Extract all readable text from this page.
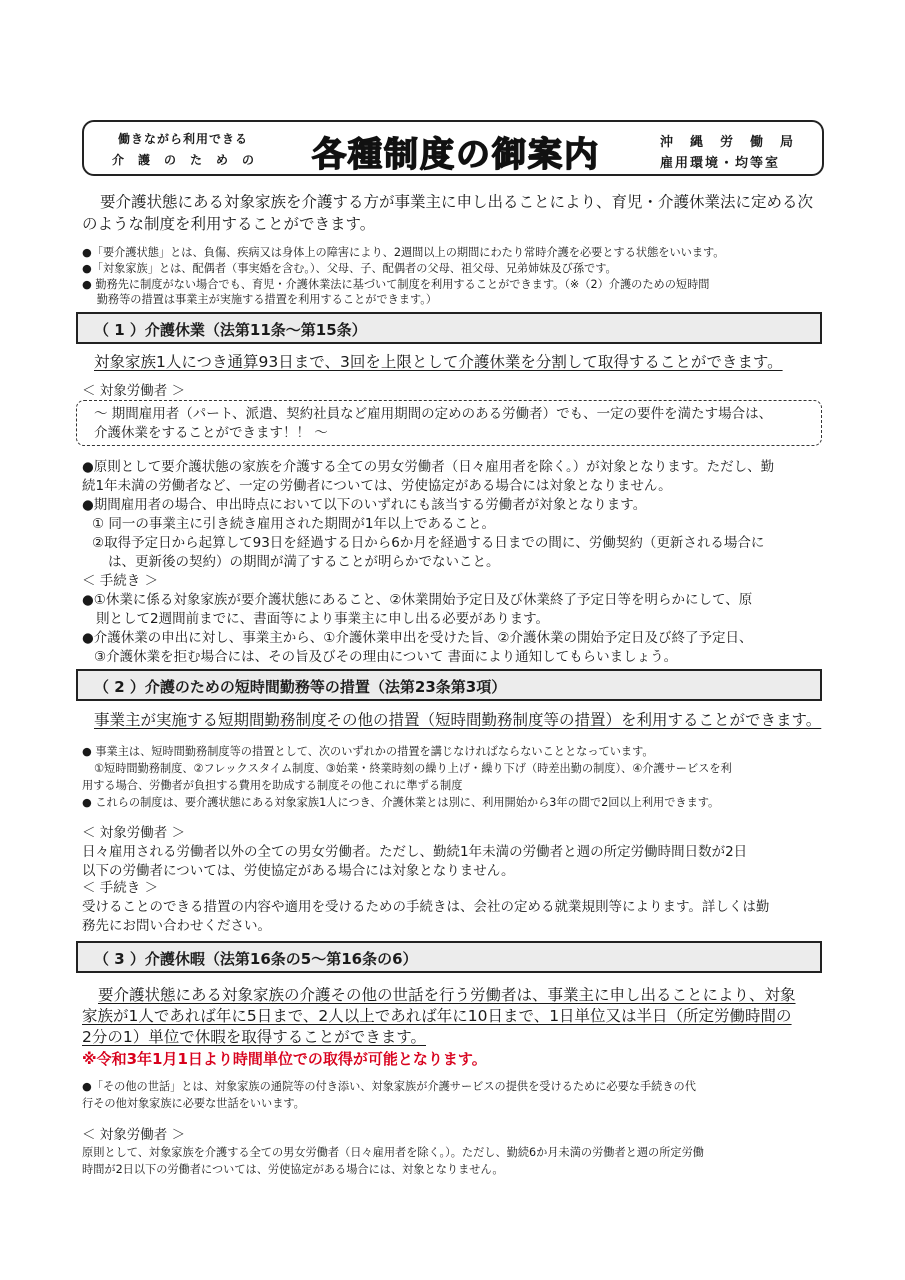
働きながら利用できる
介　護　の　た　め　の 各種制度の御案内	沖　縄　労　働　局
雇用環境・均等室
要介護状態にある対象家族を介護する方が事業主に申し出ることにより、育児・介護休業法に定める次
のような制度を利用することができます。
●「要介護状態」とは、負傷、疾病又は身体上の障害により、2週間以上の期間にわたり常時介護を必要とする状態をいいます。
●「対象家族」とは、配偶者（事実婚を含む。）、父母、子、配偶者の父母、祖父母、兄弟姉妹及び孫です。
● 勤務先に制度がない場合でも、育児・介護休業法に基づいて制度を利用することができます。（※（2）介護のための短時間
　 勤務等の措置は事業主が実施する措置を利用することができます。）
（ 1 ）介護休業（法第11条～第15条）
対象家族1人につき通算93日まで、3回を上限として介護休業を分割して取得することができます。
＜ 対象労働者 ＞
～ 期間雇用者（パート、派遣、契約社員など雇用期間の定めのある労働者）でも、一定の要件を満たす場合は、
介護休業をすることができます！！ ～
●原則として要介護状態の家族を介護する全ての男女労働者（日々雇用者を除く。）が対象となります。ただし、勤
続1年未満の労働者など、一定の労働者については、労使協定がある場合には対象となりません。
●期間雇用者の場合、申出時点において以下のいずれにも該当する労働者が対象となります。
① 同一の事業主に引き続き雇用された期間が1年以上であること。
②取得予定日から起算して93日を経過する日から6か月を経過する日までの間に、労働契約（更新される場合に
は、更新後の契約）の期間が満了することが明らかでないこと。
＜ 手続き ＞
●①休業に係る対象家族が要介護状態にあること、②休業開始予定日及び休業終了予定日等を明らかにして、原
則として2週間前までに、書面等により事業主に申し出る必要があります。
●介護休業の申出に対し、事業主から、①介護休業申出を受けた旨、②介護休業の開始予定日及び終了予定日、
③介護休業を拒む場合には、その旨及びその理由について 書面により通知してもらいましょう。
（ 2 ）介護のための短時間勤務等の措置（法第23条第3項）
事業主が実施する短期間勤務制度その他の措置（短時間勤務制度等の措置）を利用することができます。
● 事業主は、短時間勤務制度等の措置として、次のいずれかの措置を講じなければならないこととなっています。
①短時間勤務制度、②フレックスタイム制度、③始業・終業時刻の繰り上げ・繰り下げ（時差出勤の制度）、④介護サービスを利
用する場合、労働者が負担する費用を助成する制度その他これに準ずる制度
● これらの制度は、要介護状態にある対象家族1人につき、介護休業とは別に、利用開始から3年の間で2回以上利用できます。
＜ 対象労働者 ＞
日々雇用される労働者以外の全ての男女労働者。ただし、勤続1年未満の労働者と週の所定労働時間日数が2日
以下の労働者については、労使協定がある場合には対象となりません。
＜ 手続き ＞
受けることのできる措置の内容や適用を受けるための手続きは、会社の定める就業規則等によります。詳しくは勤
務先にお問い合わせください。
（ 3 ）介護休暇（法第16条の5～第16条の6）
要介護状態にある対象家族の介護その他の世話を行う労働者は、事業主に申し出ることにより、対象
家族が1人であれば年に5日まで、2人以上であれば年に10日まで、1日単位又は半日（所定労働時間の
2分の1）単位で休暇を取得することができます。
※令和3年1月1日より時間単位での取得が可能となります。
●「その他の世話」とは、対象家族の通院等の付き添い、対象家族が介護サービスの提供を受けるために必要な手続きの代
行その他対象家族に必要な世話をいいます。
＜ 対象労働者 ＞
原則として、対象家族を介護する全ての男女労働者（日々雇用者を除く。）。ただし、勤続6か月未満の労働者と週の所定労働
時間が2日以下の労働者については、労使協定がある場合には、対象となりません。
